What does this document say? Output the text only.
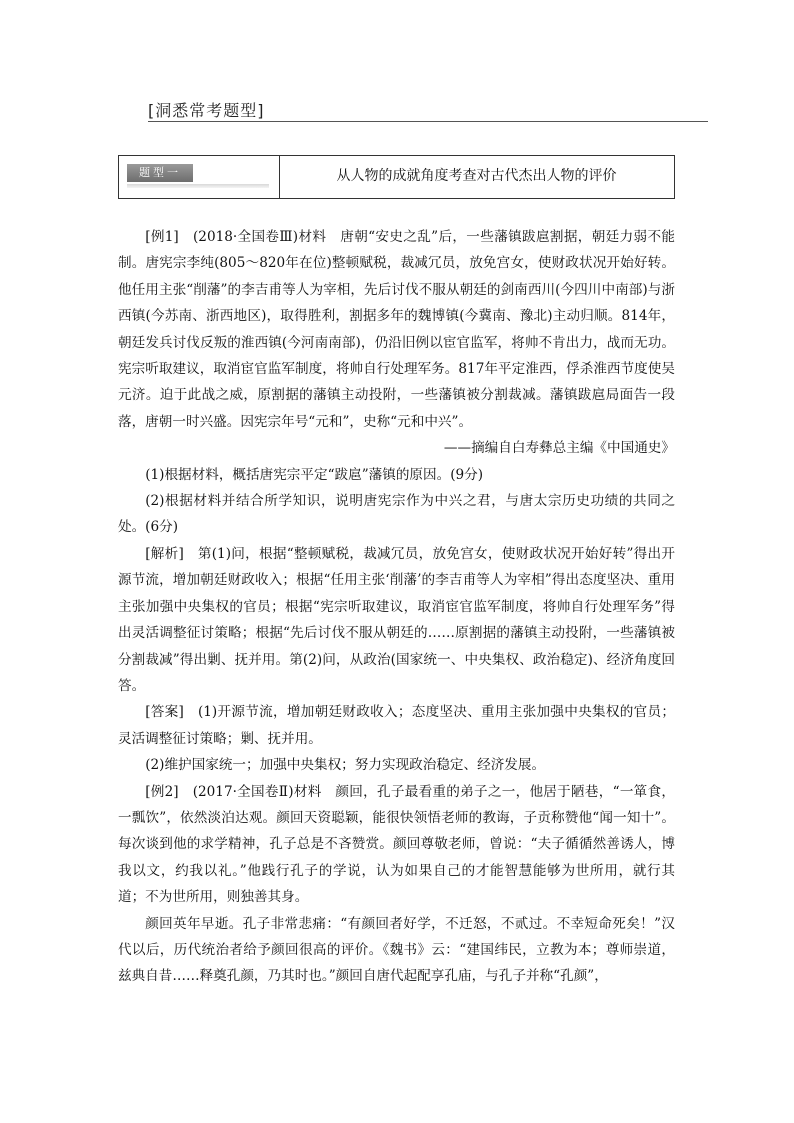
[洞悉常考题型]
题型一	从人物的成就角度考查对古代杰出人物的评价

[例1]　(2018·全国卷Ⅲ)材料　唐朝“安史之乱”后，一些藩镇跋扈割据，朝廷力弱不能制。唐宪宗李纯(805～820年在位)整顿赋税，裁减冗员，放免宫女，使财政状况开始好转。他任用主张“削藩”的李吉甫等人为宰相，先后讨伐不服从朝廷的剑南西川(今四川中南部)与浙西镇(今苏南、浙西地区)，取得胜利，割据多年的魏博镇(今冀南、豫北)主动归顺。814年，朝廷发兵讨伐反叛的淮西镇(今河南南部)，仍沿旧例以宦官监军，将帅不肯出力，战而无功。宪宗听取建议，取消宦官监军制度，将帅自行处理军务。817年平定淮西，俘杀淮西节度使吴元济。迫于此战之威，原割据的藩镇主动投附，一些藩镇被分割裁减。藩镇跋扈局面告一段落，唐朝一时兴盛。因宪宗年号“元和”，史称“元和中兴”。

——摘编自白寿彝总主编《中国通史》

(1)根据材料，概括唐宪宗平定“跋扈”藩镇的原因。(9分)

(2)根据材料并结合所学知识，说明唐宪宗作为中兴之君，与唐太宗历史功绩的共同之处。(6分)

[解析]　第(1)问，根据“整顿赋税，裁减冗员，放免宫女，使财政状况开始好转”得出开源节流，增加朝廷财政收入；根据“任用主张‘削藩’的李吉甫等人为宰相”得出态度坚决、重用主张加强中央集权的官员；根据“宪宗听取建议，取消宦官监军制度，将帅自行处理军务”得出灵活调整征讨策略；根据“先后讨伐不服从朝廷的……原割据的藩镇主动投附，一些藩镇被分割裁减”得出剿、抚并用。第(2)问，从政治(国家统一、中央集权、政治稳定)、经济角度回答。

[答案]　(1)开源节流，增加朝廷财政收入；态度坚决、重用主张加强中央集权的官员；灵活调整征讨策略；剿、抚并用。

(2)维护国家统一；加强中央集权；努力实现政治稳定、经济发展。

[例2]　(2017·全国卷Ⅱ)材料　颜回，孔子最看重的弟子之一，他居于陋巷，“一箪食，一瓢饮”，依然淡泊达观。颜回天资聪颖，能很快领悟老师的教诲，子贡称赞他“闻一知十”。每次谈到他的求学精神，孔子总是不吝赞赏。颜回尊敬老师，曾说：“夫子循循然善诱人，博我以文，约我以礼。”他践行孔子的学说，认为如果自己的才能智慧能够为世所用，就行其道；不为世所用，则独善其身。

颜回英年早逝。孔子非常悲痛：“有颜回者好学，不迁怒，不贰过。不幸短命死矣！”汉代以后，历代统治者给予颜回很高的评价。《魏书》云：“建国纬民，立教为本；尊师崇道，兹典自昔……释奠孔颜，乃其时也。”颜回自唐代起配享孔庙，与孔子并称“孔颜”，
